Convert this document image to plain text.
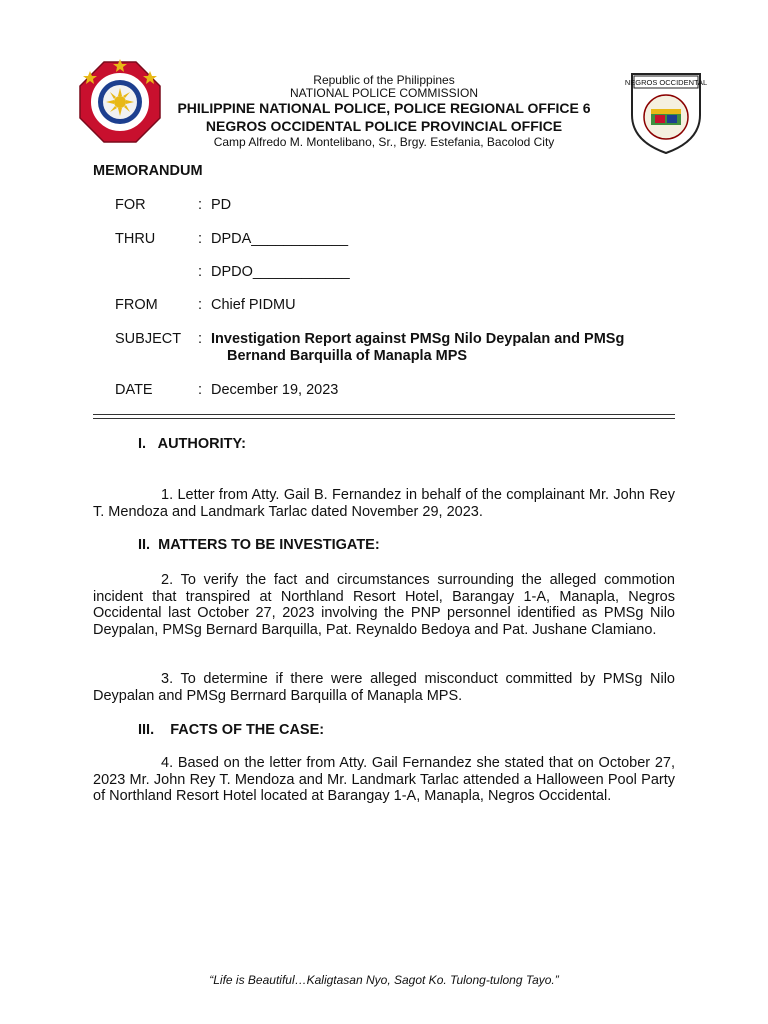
NEGROS OCCIDENTAL
Republic of the Philippines
NATIONAL POLICE COMMISSION
PHILIPPINE NATIONAL POLICE, POLICE REGIONAL OFFICE 6
NEGROS OCCIDENTAL POLICE PROVINCIAL OFFICE
Camp Alfredo M. Montelibano, Sr., Brgy. Estefania, Bacolod City
MEMORANDUM
FOR	: PD
THRU	: DPDA____________
: DPDO____________
FROM	: Chief PIDMU
SUBJECT : Investigation Report against PMSg Nilo Deypalan and PMSg
Bernand Barquilla of Manapla MPS
DATE	: December 19, 2023
I.   AUTHORITY:
1. Letter from Atty. Gail B. Fernandez in behalf of the complainant Mr. John Rey T. Mendoza and Landmark Tarlac dated November 29, 2023.
II.  MATTERS TO BE INVESTIGATE:
2. To verify the fact and circumstances surrounding the alleged commotion incident that transpired at Northland Resort Hotel, Barangay 1-A, Manapla, Negros Occidental last October 27, 2023 involving the PNP personnel identified as PMSg Nilo Deypalan, PMSg Bernard Barquilla, Pat. Reynaldo Bedoya and Pat. Jushane Clamiano.
3. To determine if there were alleged misconduct committed by PMSg Nilo Deypalan and PMSg Berrnard Barquilla of Manapla MPS.
III.    FACTS OF THE CASE:
4. Based on the letter from Atty. Gail Fernandez she stated that on October 27, 2023 Mr. John Rey T. Mendoza and Mr. Landmark Tarlac attended a Halloween Pool Party of Northland Resort Hotel located at Barangay 1-A, Manapla, Negros Occidental.
“Life is Beautiful…Kaligtasan Nyo, Sagot Ko. Tulong-tulong Tayo.”
